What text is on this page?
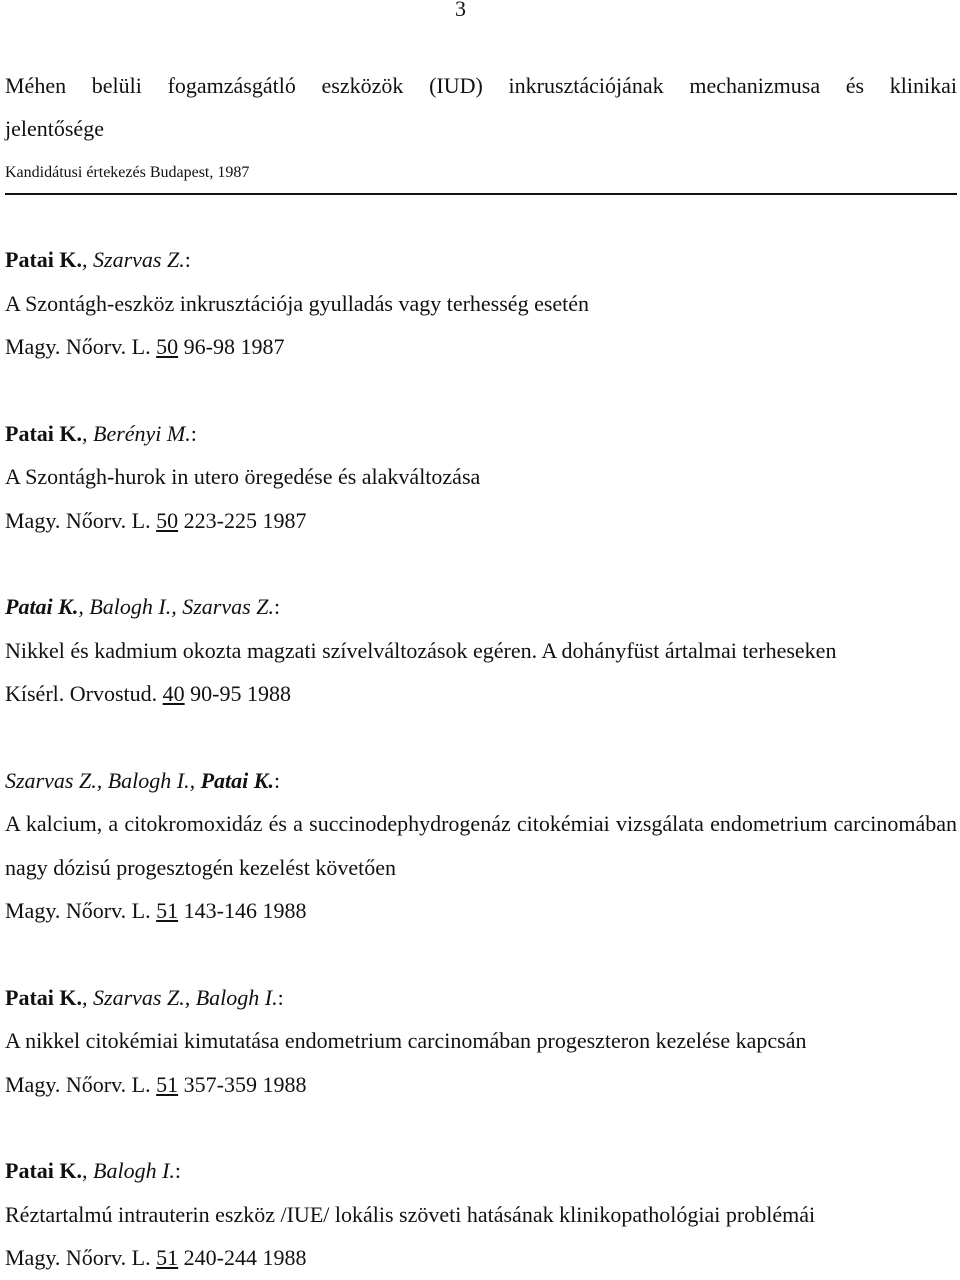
3
Méhen belüli fogamzásgátló eszközök (IUD) inkrusztációjának mechanizmusa és klinikai
jelentősége
Kandidátusi értekezés Budapest, 1987
Patai K., Szarvas Z.:
A Szontágh-eszköz inkrusztációja gyulladás vagy terhesség esetén
Magy. Nőorv. L. 50 96-98 1987
Patai K., Berényi M.:
A Szontágh-hurok in utero öregedése és alakváltozása
Magy. Nőorv. L. 50 223-225 1987
Patai K., Balogh I., Szarvas Z.:
Nikkel és kadmium okozta magzati szívelváltozások egéren. A dohányfüst ártalmai terheseken
Kísérl. Orvostud. 40 90-95 1988
Szarvas Z., Balogh I., Patai K.:
A kalcium, a citokromoxidáz és a succinodephydrogenáz citokémiai vizsgálata endometrium carcinomában nagy dózisú progesztogén kezelést követően
Magy. Nőorv. L. 51 143-146 1988
Patai K., Szarvas Z., Balogh I.:
A nikkel citokémiai kimutatása endometrium carcinomában progeszteron kezelése kapcsán
Magy. Nőorv. L. 51 357-359 1988
Patai K., Balogh I.:
Réztartalmú intrauterin eszköz /IUE/ lokális szöveti hatásának klinikopathológiai problémái
Magy. Nőorv. L. 51 240-244 1988
